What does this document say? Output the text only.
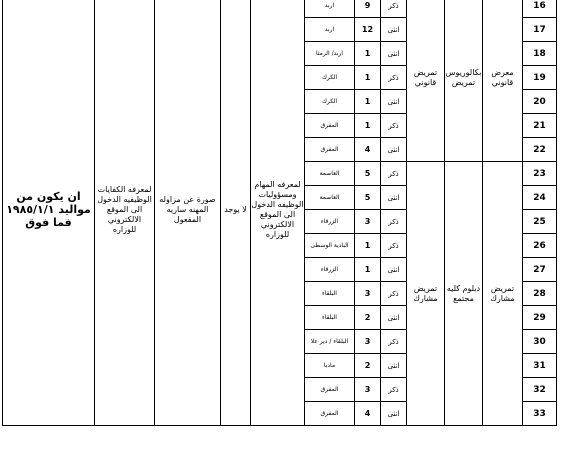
ان يكون من مواليد ١٩٨٥/١/١ فما فوق	لمعرفه الكفايات الوظيفيه الدخول الى الموقع الالكتروني للوزاره	صورة عن مزاوله المهنه ساريه المفعول	لا يوجد	لمعرفه المهام ومسؤوليات الوظيفه الدخول الى الموقع الالكتروني للوزاره	اربد	9	ذكر	تمريض قانوني	بكالوريوس تمريض	معرض قانوني	16
					اربد	12	انثى				17
					اربد/ الرمثا	1	انثى				18
					الكرك	1	ذكر				19
					الكرك	1	انثى				20
					المفرق	1	ذكر				21
					المفرق	4	انثى				22
					العاصمة	5	ذكر	تمريض مشارك	دبلوم كليه مجتمع	تمريض مشارك	23
					العاصمة	5	انثى				24
					الزرقاء	3	ذكر				25
					البادية الوسطى	1	ذكر				26
					الزرقاء	1	انثى				27
					البلقاء	3	ذكر				28
					البلقاء	2	انثى				29
					البلقاء / دير علا	3	ذكر				30
					مادبا	2	انثى				31
					المفرق	3	ذكر				32
					المفرق	4	انثى				33
